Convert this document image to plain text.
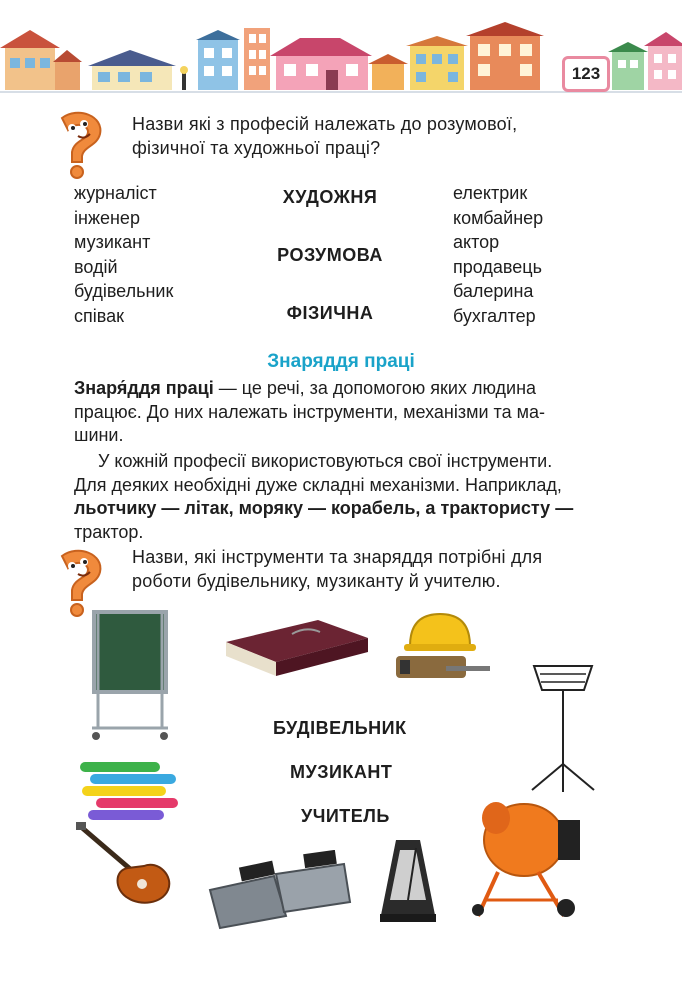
123
Назви які з професій належать до розумової,
фізичної та художньої праці?
журналіст
інженер
музикант
водій
будівельник
співак
ХУДОЖНЯ
РОЗУМОВА
ФІЗИЧНА
електрик
комбайнер
актор
продавець
балерина
бухгалтер
Знаряддя праці
Знаря́ддя праці — це речі, за допомогою яких людина
працює. До них належать інструменти, механізми та ма-
шини.
У кожній професії використовуються свої інструменти.
Для деяких необхідні дуже складні механізми. Наприклад,
льотчику — літак, моряку — корабель, а трактористу —
трактор.
Назви, які інструменти та знаряддя потрібні для
роботи будівельнику, музиканту й учителю.
БУДІВЕЛЬНИК
МУЗИКАНТ
УЧИТЕЛЬ
